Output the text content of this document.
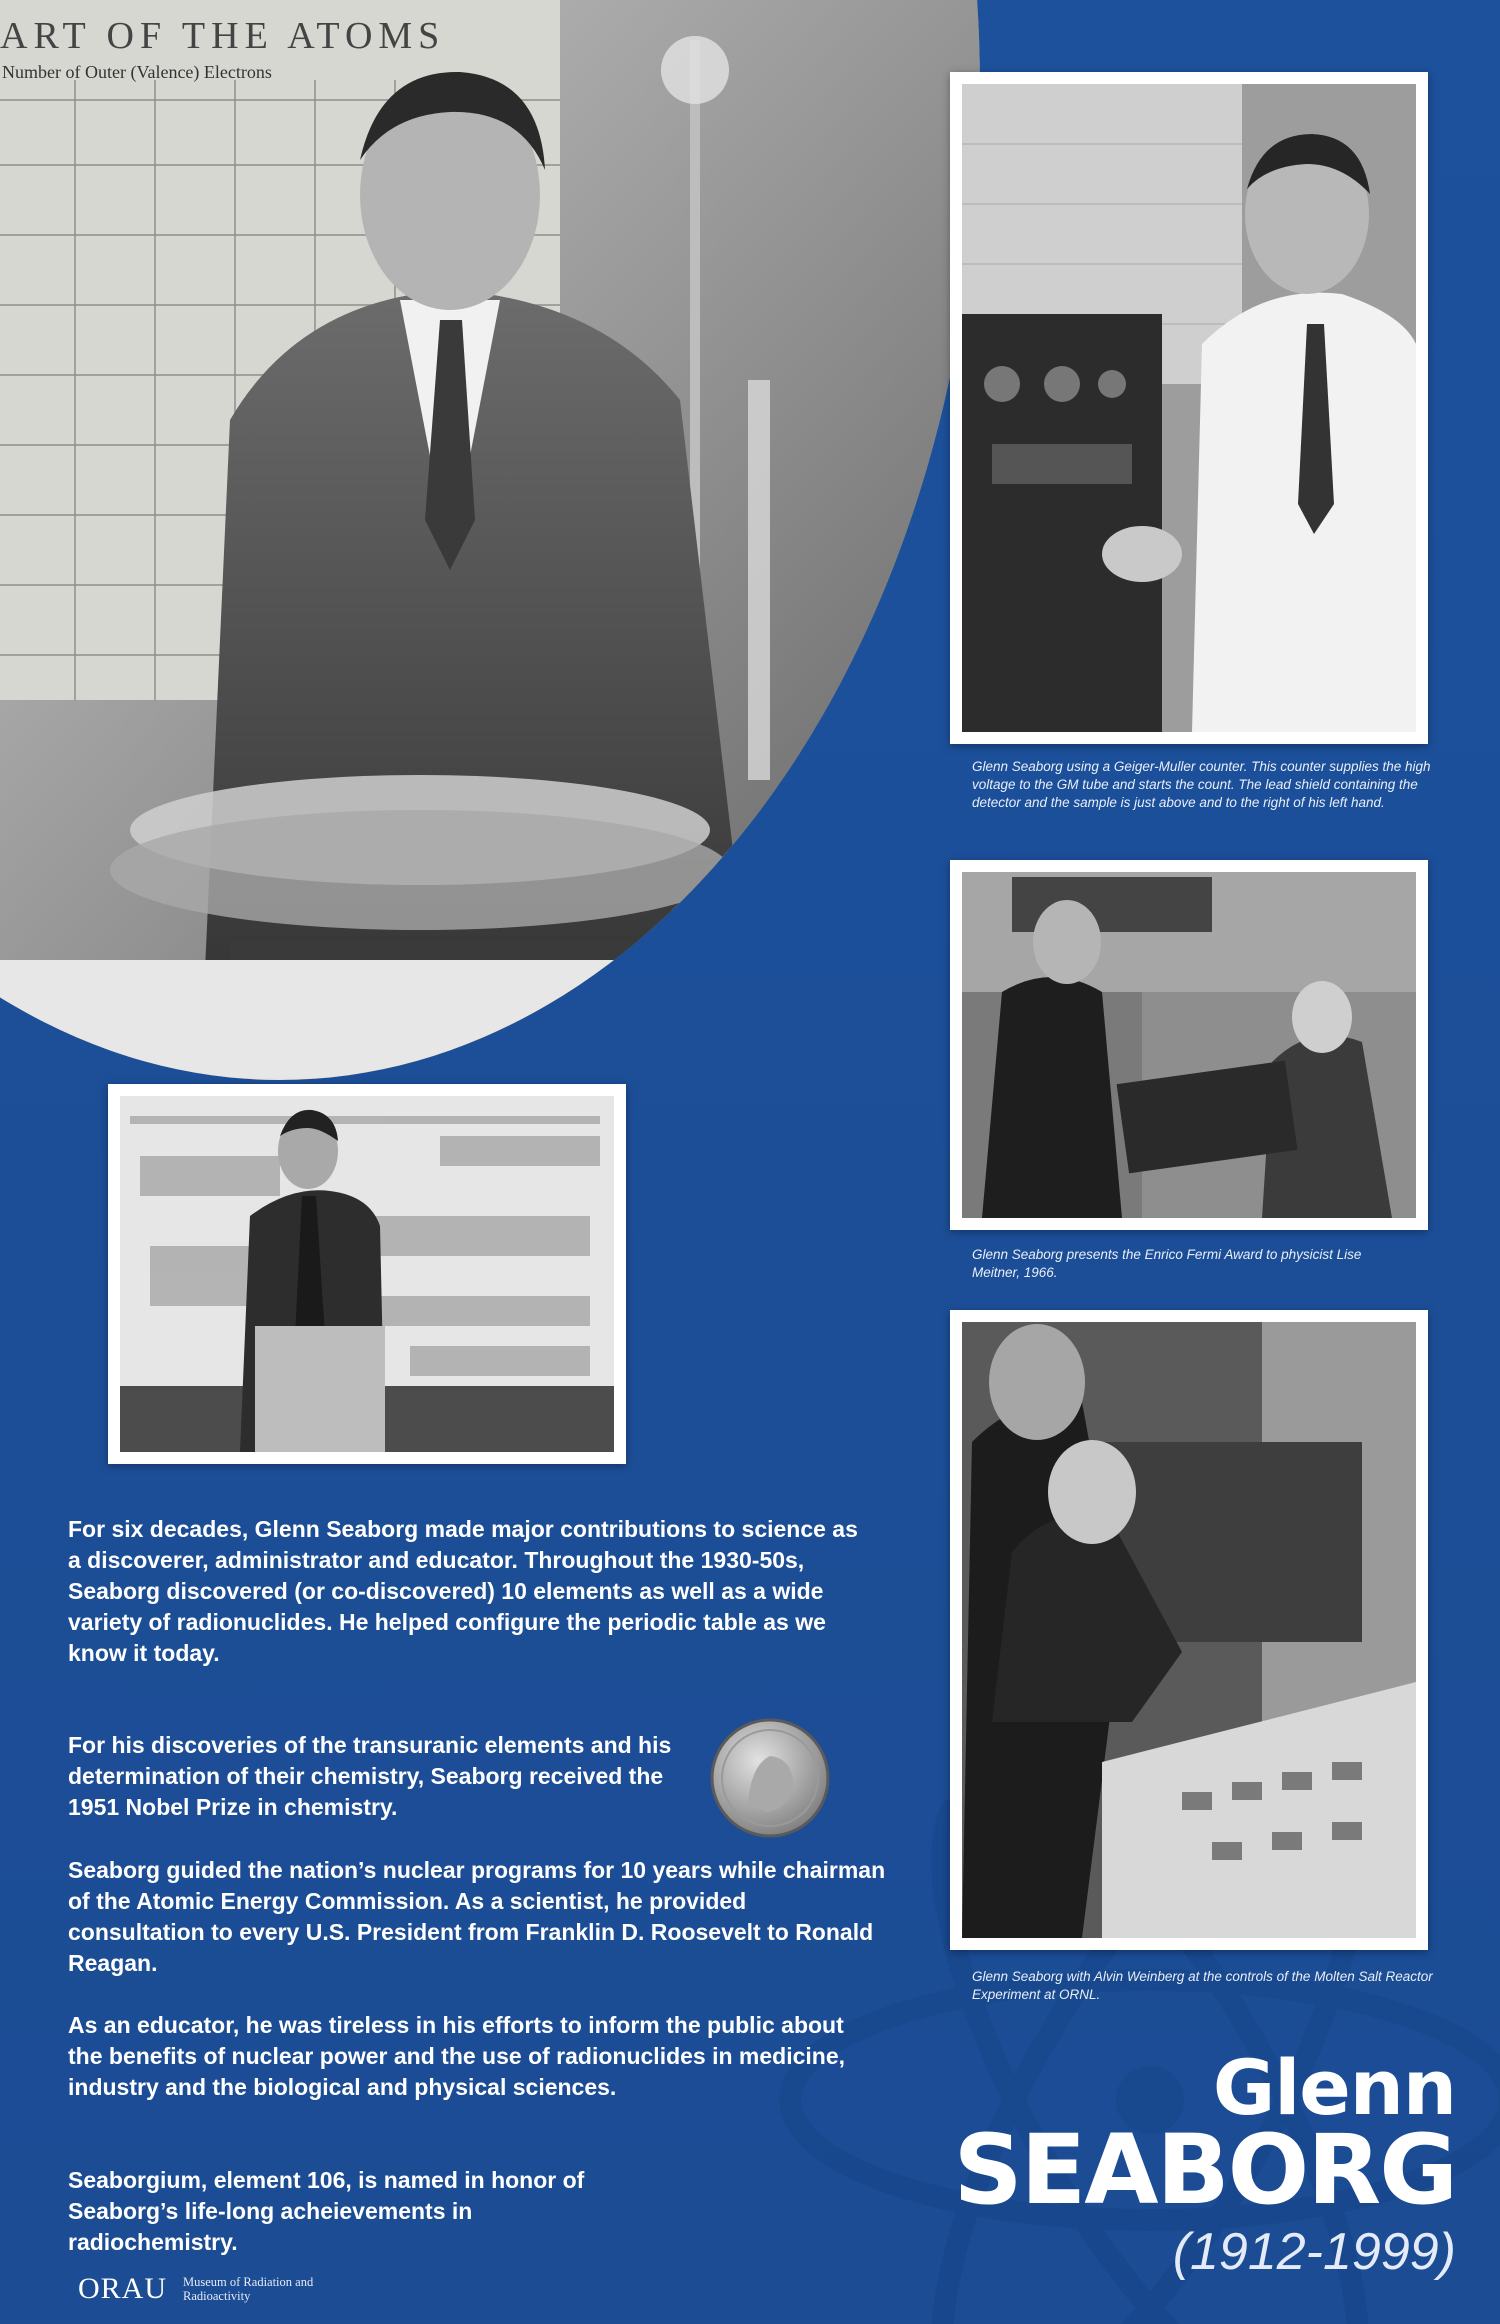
ART OF THE ATOMS
Number of Outer (Valence) Electrons
Glenn Seaborg using a Geiger-Muller counter. This counter supplies the high voltage to the GM tube and starts the count. The lead shield containing the detector and the sample is just above and to the right of his left hand.
Glenn Seaborg presents the Enrico Fermi Award to physicist Lise Meitner, 1966.
Glenn Seaborg with Alvin Weinberg at the controls of the Molten Salt Reactor Experiment at ORNL.
For six decades, Glenn Seaborg made major contributions to science as a discoverer, administrator and educator. Throughout the 1930-50s, Seaborg discovered (or co-discovered) 10 elements as well as a wide variety of radionuclides. He helped configure the periodic table as we know it today.
For his discoveries of the transuranic elements and his determination of their chemistry, Seaborg received the 1951 Nobel Prize in chemistry.
Seaborg guided the nation’s nuclear programs for 10 years while chairman of the Atomic Energy Commission. As a scientist, he provided consultation to every U.S. President from Franklin D. Roosevelt to Ronald Reagan.
As an educator, he was tireless in his efforts to inform the public about the benefits of nuclear power and the use of radionuclides in medicine, industry and the biological and physical sciences.
Seaborgium, element 106, is named in honor of Seaborg’s life-long acheievements in radiochemistry.
Glenn
SEABORG
(1912-1999)
ORAU Museum of Radiation and Radioactivity
